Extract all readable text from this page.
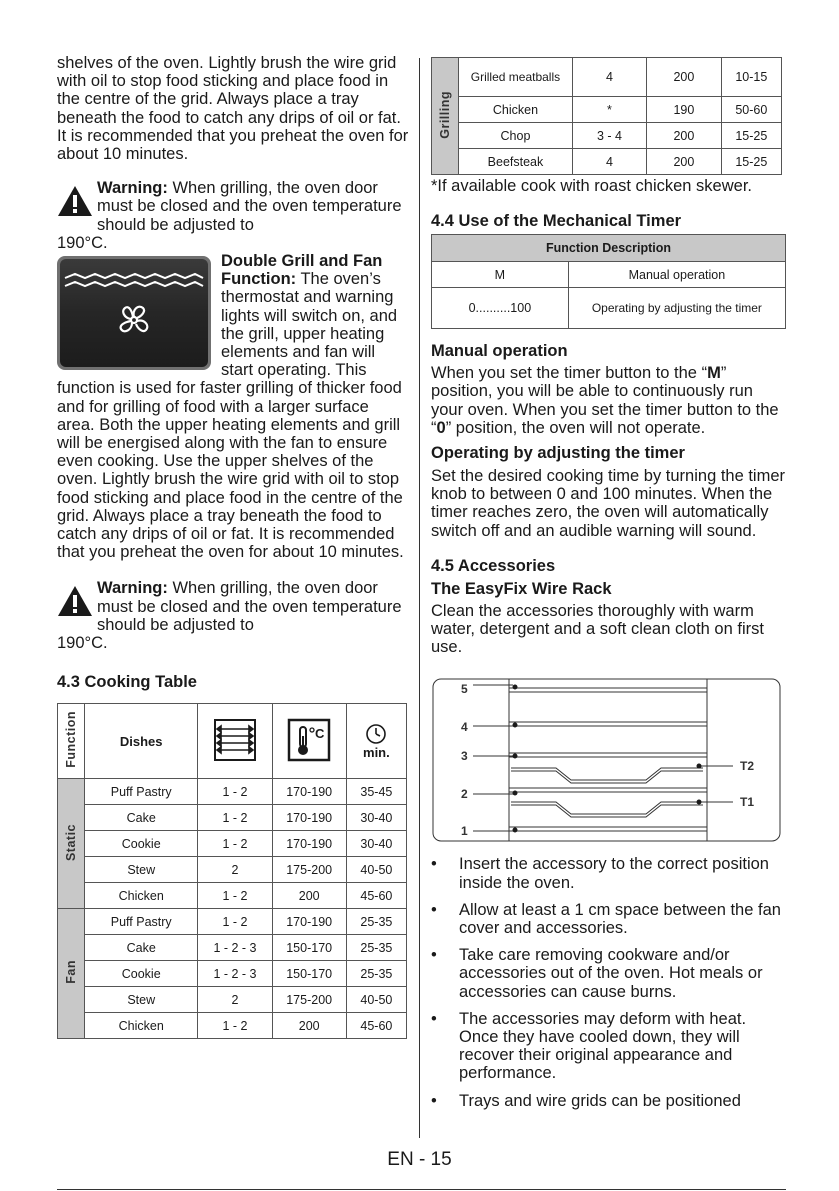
shelves of the oven. Lightly brush the wire grid with oil to stop food sticking and place food in the centre of the grid. Always place a tray beneath the food to catch any drips of oil or fat. It is recommended that you preheat the oven for about 10 minutes.

Warning: When grilling, the oven door must be closed and the oven temperature should be adjusted to
190°C.
Double Grill and Fan Function: The oven’s thermostat and warning lights will switch on, and the grill, upper heating elements and fan will start operating. This function is used for faster grilling of thicker food and for grilling of food with a larger surface area. Both the upper heating elements and grill will be energised along with the fan to ensure even cooking. Use the upper shelves of the oven. Lightly brush the wire grid with oil to stop food sticking and place food in the centre of the grid. Always place a tray beneath the food to catch any drips of oil or fat. It is recommended that you preheat the oven for about 10 minutes.
Warning: When grilling, the oven door must be closed and the oven temperature should be adjusted to
190°C.
4.3 Cooking Table
Function	Dishes		C	min.

Static	Puff Pastry	1 - 2	170-190	35-45
	Cake	1 - 2	170-190	30-40
	Cookie	1 - 2	170-190	30-40
	Stew	2	175-200	40-50
	Chicken	1 - 2	200	45-60
Fan	Puff Pastry	1 - 2	170-190	25-35
	Cake	1 - 2 - 3	150-170	25-35
	Cookie	1 - 2 - 3	150-170	25-35
	Stew	2	175-200	40-50
	Chicken	1 - 2	200	45-60
Grilling	Grilled meatballs	4	200	10-15
	Chicken	*	190	50-60
	Chop	3 - 4	200	15-25
	Beefsteak	4	200	15-25

*If available cook with roast chicken skewer.

4.4 Use of the Mechanical Timer
Function Description	
M	Manual operation
0..........100	Operating by adjusting the timer
Manual operation

When you set the timer button to the “M” position, you will be able to continuously run your oven. When you set the timer button to the “0” position, the oven will not operate.

Operating by adjusting the timer

Set the desired cooking time by turning the timer knob to between 0 and 100 minutes. When the timer reaches zero, the oven will automatically switch off and an audible warning will sound.

4.5 Accessories
The EasyFix Wire Rack

Clean the accessories thoroughly with warm water, detergent and a soft clean cloth on first use.

5
4
3
2
1
T2
T1
• Insert the accessory to the correct position inside the oven.
• Allow at least a 1 cm space between the fan cover and accessories.
• Take care removing cookware and/or accessories out of the oven. Hot meals or accessories can cause burns.
• The accessories may deform with heat. Once they have cooled down, they will recover their original appearance and performance.
• Trays and wire grids can be positioned
EN - 15
